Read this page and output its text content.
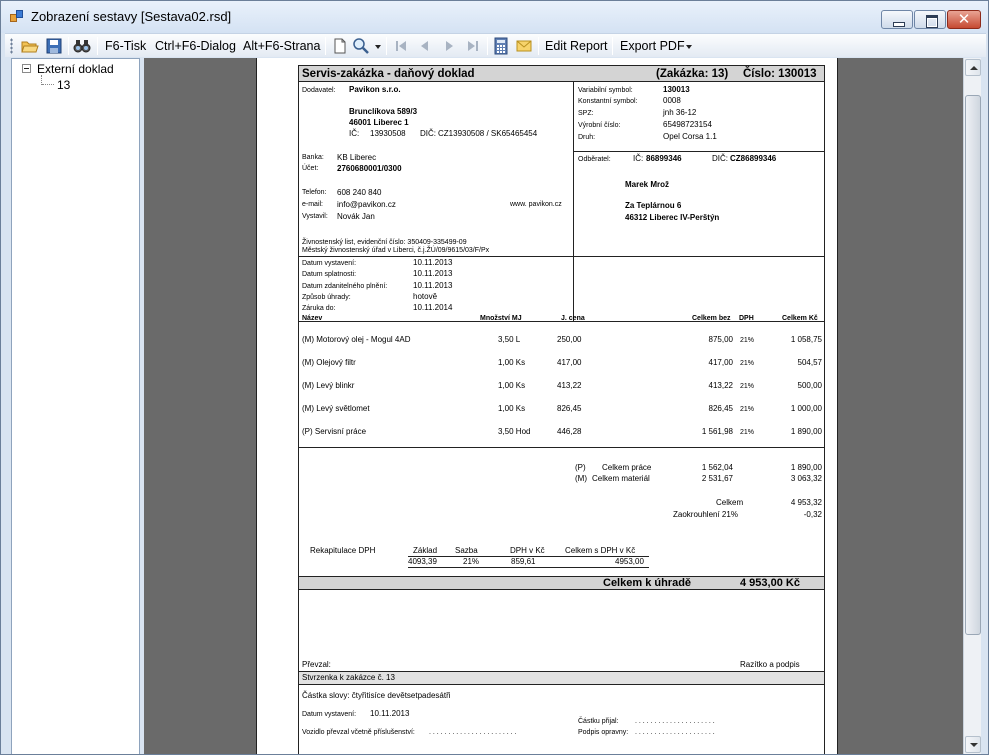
Zobrazení sestavy [Sestava02.rsd]	✕
F6-Tisk Ctrl+F6-Dialog Alt+F6-Strana	Edit Report Export PDF
Externí doklad
13
Servis-zakázka - daňový doklad	(Zakázka: 13) Číslo: 130013
Dodavatel: Pavikon s.r.o.
Brunclíkova 589/3
46001 Liberec 1
IČ: 13930508 DIČ: CZ13930508 / SK65465454
Banka: KB Liberec
Účet: 2760680001/0300
Telefon: 608 240 840
e-mail: info@pavikon.cz	www. pavikon.cz
Vystavil: Novák Jan
Živnostenský list, evidenční číslo: 350409-335499-09
Městský živnostenský úřad v Liberci, č.j.ŽÚ/09/9615/03/F/Px
Variabilní symbol:	130013
Konstantní symbol:	0008
SPZ:	jnh 36-12
Výrobní číslo:	65498723154
Druh:	Opel Corsa 1.1
Odběratel:	IČ: 86899346	DIČ: CZ86899346
Marek Mrož
Za Teplárnou 6
46312 Liberec IV-Perštýn
Datum vystavení:	10.11.2013
Datum splatnosti:	10.11.2013
Datum zdanitelného plnění:	10.11.2013
Způsob úhrady:	hotově
Záruka do:	10.11.2014
Název	Množství MJ	J. cena	Celkem bez DPH	Celkem Kč
(M) Motorový olej - Mogul 4AD	3,50 L	250,00	875,00 21%	1 058,75
(M) Olejový filtr	1,00 Ks	417,00	417,00 21%	504,57
(M) Levý blinkr	1,00 Ks	413,22	413,22 21%	500,00
(M) Levý světlomet	1,00 Ks	826,45	826,45 21%	1 000,00
(P) Servisní práce	3,50 Hod	446,28	1 561,98 21%	1 890,00
(P) Celkem práce	1 562,04	1 890,00
(M) Celkem materiál	2 531,67	3 063,32
Celkem	4 953,32
Zaokrouhlení 21%	-0,32
Rekapitulace DPH	Základ Sazba	DPH v Kč	Celkem s DPH v Kč
4093,39	21%	859,61	4953,00
Celkem k úhradě	4 953,00 Kč
Převzal:	Razítko a podpis
Stvrzenka k zakázce č. 13
Částka slovy: čtyřitisíce devětsetpadesátři
Datum vystavení: 10.11.2013
Částku přijal: . . . . . . . . . . . . . . . . . . . . .
Vozidlo převzal včetně příslušenství: . . . . . . . . . . . . . . . . . . . . . . .	Podpis opravny: . . . . . . . . . . . . . . . . . . . . .
